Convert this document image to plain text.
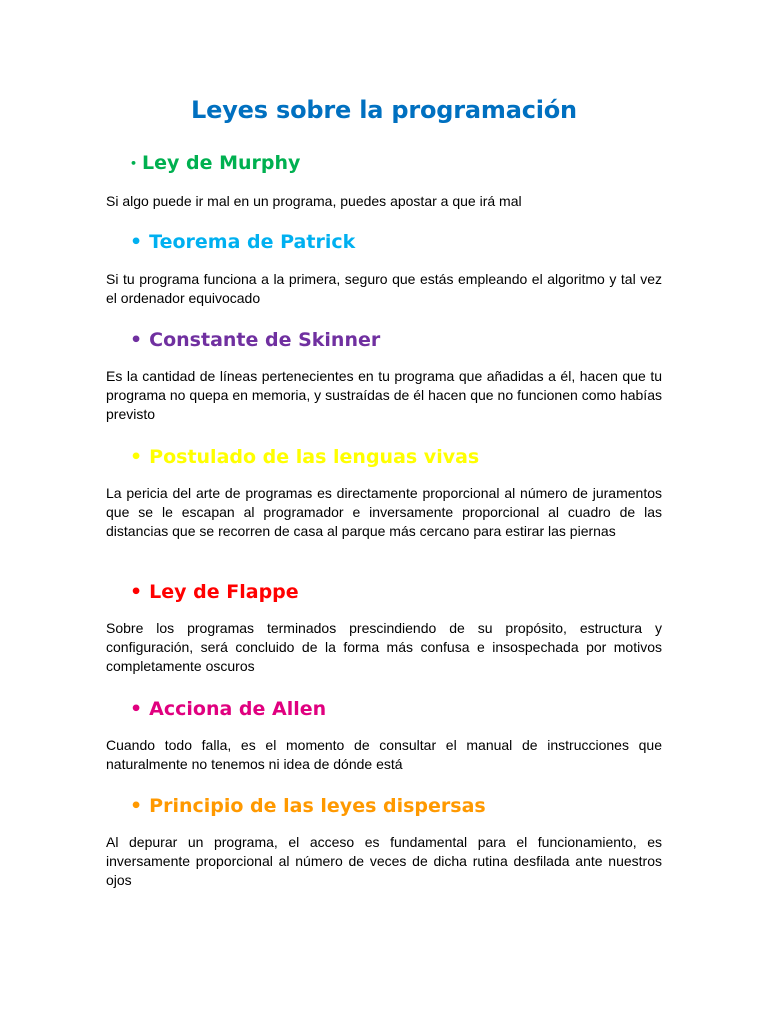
Leyes sobre la programación
• Ley de Murphy

Si algo puede ir mal en un programa, puedes apostar a que irá mal

• Teorema de Patrick

Si tu programa funciona a la primera, seguro que estás empleando el algoritmo y tal vez el ordenador equivocado

• Constante de Skinner

Es la cantidad de líneas pertenecientes en tu programa que añadidas a él, hacen que tu programa no quepa en memoria, y sustraídas de él hacen que no funcionen como habías previsto

• Postulado de las lenguas vivas

La pericia del arte de programas es directamente proporcional al número de juramentos que se le escapan al programador e inversamente proporcional al cuadro de las distancias que se recorren de casa al parque más cercano para estirar las piernas

• Ley de Flappe

Sobre los programas terminados prescindiendo de su propósito, estructura y configuración, será concluido de la forma más confusa e insospechada por motivos completamente oscuros

• Acciona de Allen

Cuando todo falla, es el momento de consultar el manual de instrucciones que naturalmente no tenemos ni idea de dónde está

• Principio de las leyes dispersas

Al depurar un programa, el acceso es fundamental para el funcionamiento, es inversamente proporcional al número de veces de dicha rutina desfilada ante nuestros ojos
